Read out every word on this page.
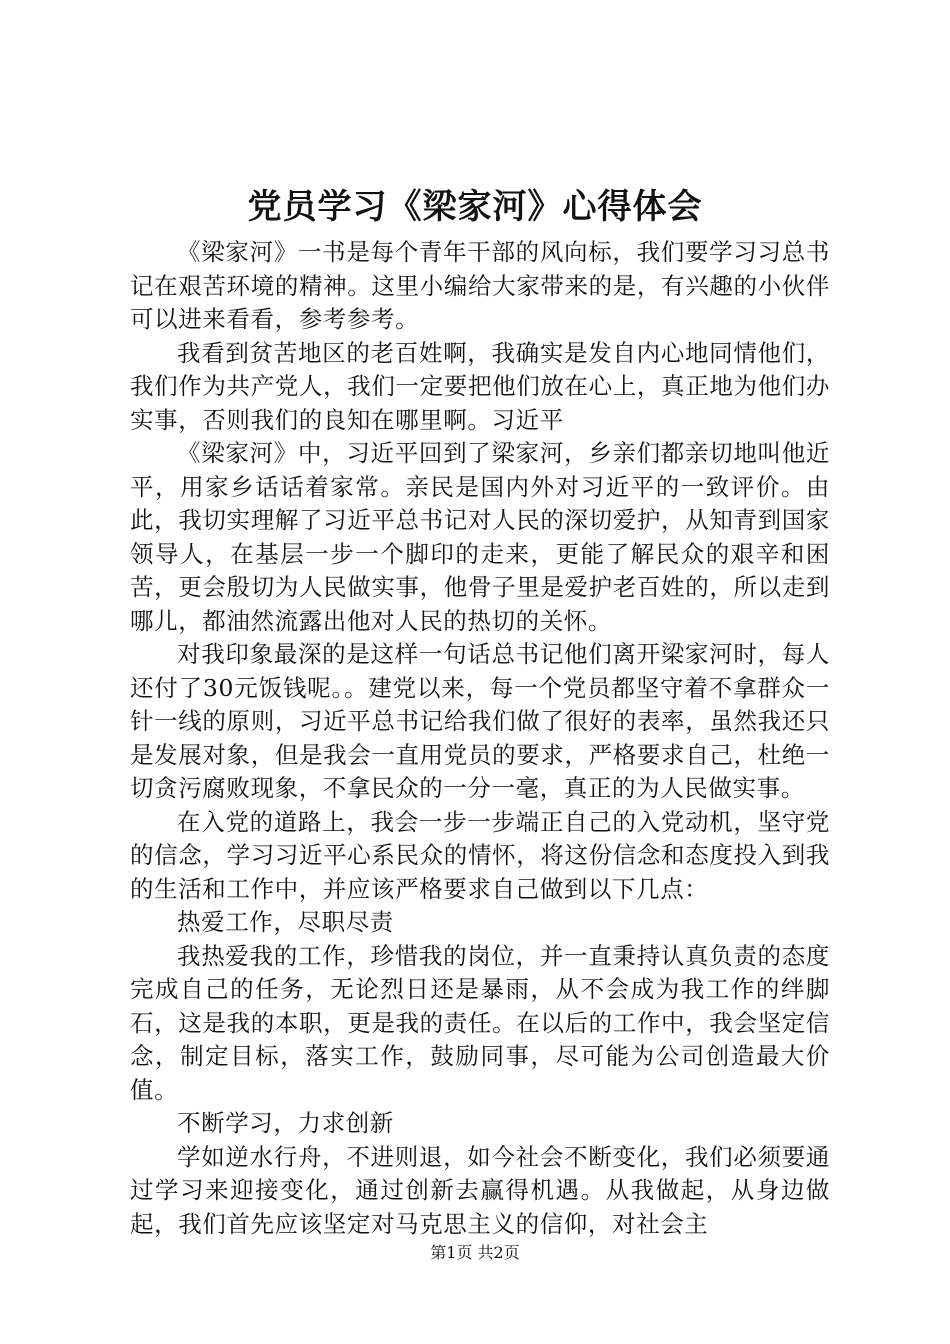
党员学习《梁家河》心得体会

《梁家河》一书是每个青年干部的风向标，我们要学习习总书记在艰苦环境的精神。这里小编给大家带来的是，有兴趣的小伙伴可以进来看看，参考参考。

我看到贫苦地区的老百姓啊，我确实是发自内心地同情他们，我们作为共产党人，我们一定要把他们放在心上，真正地为他们办实事，否则我们的良知在哪里啊。习近平

《梁家河》中，习近平回到了梁家河，乡亲们都亲切地叫他近平，用家乡话话着家常。亲民是国内外对习近平的一致评价。由此，我切实理解了习近平总书记对人民的深切爱护，从知青到国家领导人，在基层一步一个脚印的走来，更能了解民众的艰辛和困苦，更会殷切为人民做实事，他骨子里是爱护老百姓的，所以走到哪儿，都油然流露出他对人民的热切的关怀。

对我印象最深的是这样一句话总书记他们离开梁家河时，每人还付了30元饭钱呢。。建党以来，每一个党员都坚守着不拿群众一针一线的原则，习近平总书记给我们做了很好的表率，虽然我还只是发展对象，但是我会一直用党员的要求，严格要求自己，杜绝一切贪污腐败现象，不拿民众的一分一毫，真正的为人民做实事。

在入党的道路上，我会一步一步端正自己的入党动机，坚守党的信念，学习习近平心系民众的情怀，将这份信念和态度投入到我的生活和工作中，并应该严格要求自己做到以下几点：

热爱工作，尽职尽责

我热爱我的工作，珍惜我的岗位，并一直秉持认真负责的态度完成自己的任务，无论烈日还是暴雨，从不会成为我工作的绊脚石，这是我的本职，更是我的责任。在以后的工作中，我会坚定信念，制定目标，落实工作，鼓励同事，尽可能为公司创造最大价值。

不断学习，力求创新

学如逆水行舟，不进则退，如今社会不断变化，我们必须要通过学习来迎接变化，通过创新去赢得机遇。从我做起，从身边做起，我们首先应该坚定对马克思主义的信仰，对社会主

第1页 共2页
